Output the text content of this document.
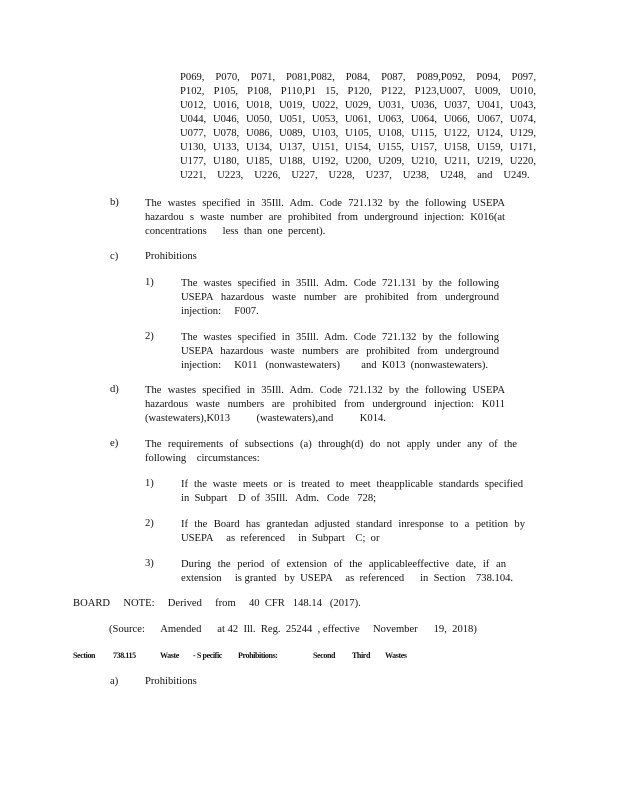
P069, P070, P071, P081,P082, P084, P087, P089,P092, P094, P097,
P102, P105, P108, P110,P1 15, P120, P122, P123,U007, U009, U010,
U012, U016, U018, U019, U022, U029, U031, U036, U037, U041, U043,
U044, U046, U050, U051, U053, U061, U063, U064, U066, U067, U074,
U077, U078, U086, U089, U103, U105, U108, U115, U122, U124, U129,
U130, U133, U134, U137, U151, U154, U155, U157, U158, U159, U171,
U177, U180, U185, U188, U192, U200, U209, U210, U211, U219, U220,
U221,   U223,   U226,   U227,   U228,   U237,   U238,   U248,   and   U249.
b) The wastes specified in 35Ill. Adm. Code 721.132 by the following USEPA
hazardou s waste number are prohibited from underground injection: K016(at
concentrations      less  than  one  percent).
c)	Prohibitions
1)	The wastes specified in 35Ill. Adm. Code 721.131 by the following
USEPA hazardous waste number are prohibited from underground
injection:     F007.
2)	The wastes specified in 35Ill. Adm. Code 721.132 by the following
USEPA hazardous waste numbers are prohibited from underground
injection:     K011   (nonwastewaters)        and  K013  (nonwastewaters).
d) The wastes specified in 35Ill. Adm. Code 721.132 by the following USEPA
hazardous waste numbers are prohibited from underground injection: K011
(wastewaters),K013          (wastewaters),and          K014.
e)	The requirements of subsections (a) through(d) do not apply under any of the
following    circumstances:
1)	If the waste meets or is treated to meet theapplicable standards specified
in  Subpart    D  of  35Ill.   Adm.   Code   728;
2)	If the Board has grantedan adjusted standard inresponse to a petition by
USEPA     as  referenced     in  Subpart    C;  or
3)	During the period of extension of the applicableeffective date, if an
extension     is granted   by  USEPA     as  referenced      in  Section    738.104.
BOARD     NOTE:     Derived     from     40  CFR   148.14   (2017).
(Source:      Amended      at 42  Ill.  Reg.  25244  , effective     November      19,  2018)
Section 738.115	Waste - S pecific Prohibitions:	Second Third Wastes
a)	Prohibitions
